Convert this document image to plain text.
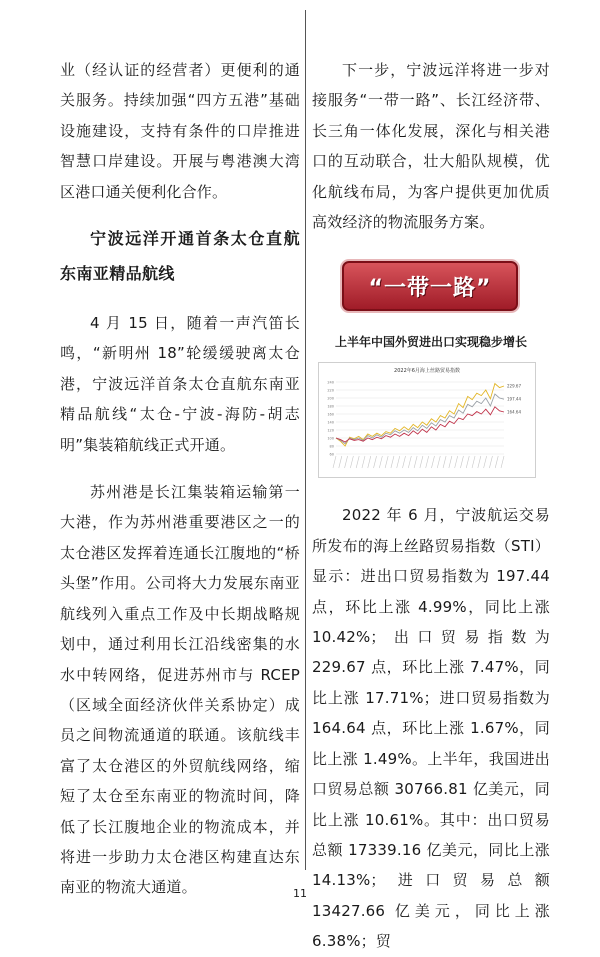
业（经认证的经营者）更便利的通关服务。持续加强“四方五港”基础设施建设，支持有条件的口岸推进智慧口岸建设。开展与粤港澳大湾区港口通关便利化合作。

宁波远洋开通首条太仓直航东南亚精品航线

4 月 15 日，随着一声汽笛长鸣，“新明州 18”轮缓缓驶离太仓港，宁波远洋首条太仓直航东南亚精品航线“太仓-宁波-海防-胡志明”集装箱航线正式开通。

苏州港是长江集装箱运输第一大港，作为苏州港重要港区之一的太仓港区发挥着连通长江腹地的“桥头堡”作用。公司将大力发展东南亚航线列入重点工作及中长期战略规划中，通过利用长江沿线密集的水水中转网络，促进苏州市与 RCEP（区域全面经济伙伴关系协定）成员之间物流通道的联通。该航线丰富了太仓港区的外贸航线网络，缩短了太仓至东南亚的物流时间，降低了长江腹地企业的物流成本，并将进一步助力太仓港区构建直达东南亚的物流大通道。

下一步，宁波远洋将进一步对接服务“一带一路”、长江经济带、长三角一体化发展，深化与相关港口的互动联合，壮大船队规模，优化航线布局，为客户提供更加优质高效经济的物流服务方案。

“一带一路”
上半年中国外贸进出口实现稳步增长
2022年6月海上丝路贸易指数
60
80
100
120
140
160
180
200
220
240
229.67
197.44
164.64

2022 年 6 月，宁波航运交易所发布的海上丝路贸易指数（STI）显示：进出口贸易指数为 197.44 点，环比上涨 4.99%，同比上涨 10.42%；出口贸易指数为 229.67 点，环比上涨 7.47%，同比上涨 17.71%；进口贸易指数为 164.64 点，环比上涨 1.67%，同比上涨 1.49%。上半年，我国进出口贸易总额 30766.81 亿美元，同比上涨 10.61%。其中：出口贸易总额 17339.16 亿美元，同比上涨 14.13%；进口贸易总额 13427.66 亿美元，同比上涨 6.38%；贸

11
